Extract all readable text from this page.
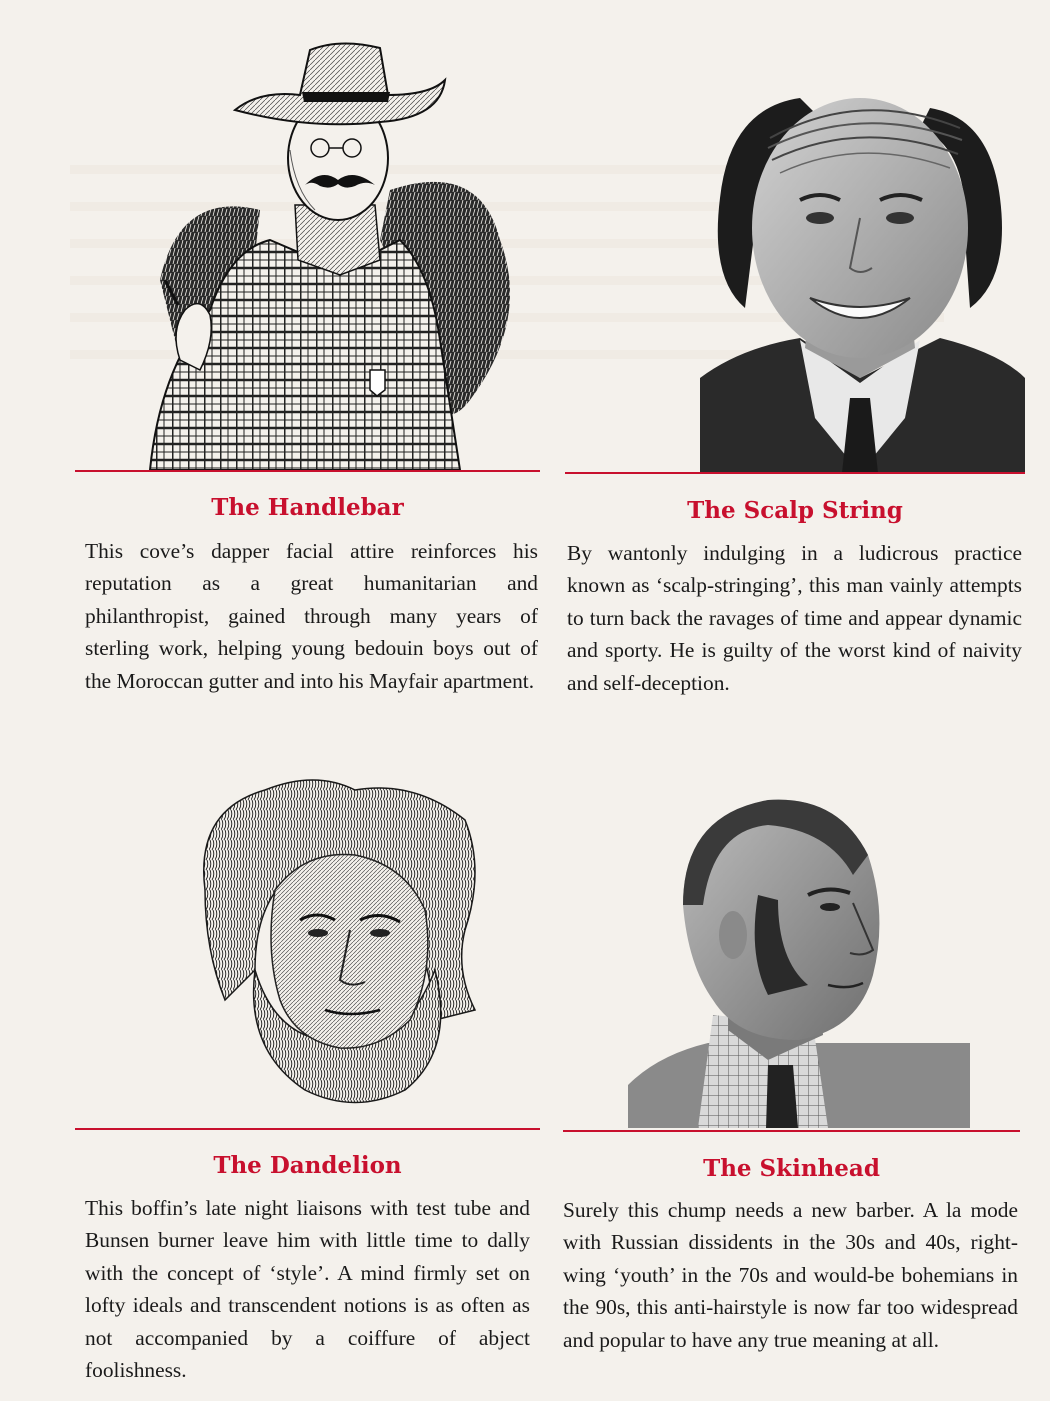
The Handlebar

This cove’s dapper facial attire reinforces his reputation as a great humanitarian and philanthropist, gained through many years of sterling work, helping young bedouin boys out of the Moroccan gutter and into his Mayfair apartment.

The Scalp String

By wantonly indulging in a ludicrous practice known as ‘scalp-stringing’, this man vainly attempts to turn back the ravages of time and appear dynamic and sporty. He is guilty of the worst kind of naivity and self-deception.

The Dandelion

This boffin’s late night liaisons with test tube and Bunsen burner leave him with little time to dally with the concept of ‘style’. A mind firmly set on lofty ideals and transcendent notions is as often as not accompanied by a coiffure of abject foolishness.

The Skinhead

Surely this chump needs a new barber. A la mode with Russian dissidents in the 30s and 40s, right-wing ‘youth’ in the 70s and would-be bohemians in the 90s, this anti-hairstyle is now far too widespread and popular to have any true meaning at all.
